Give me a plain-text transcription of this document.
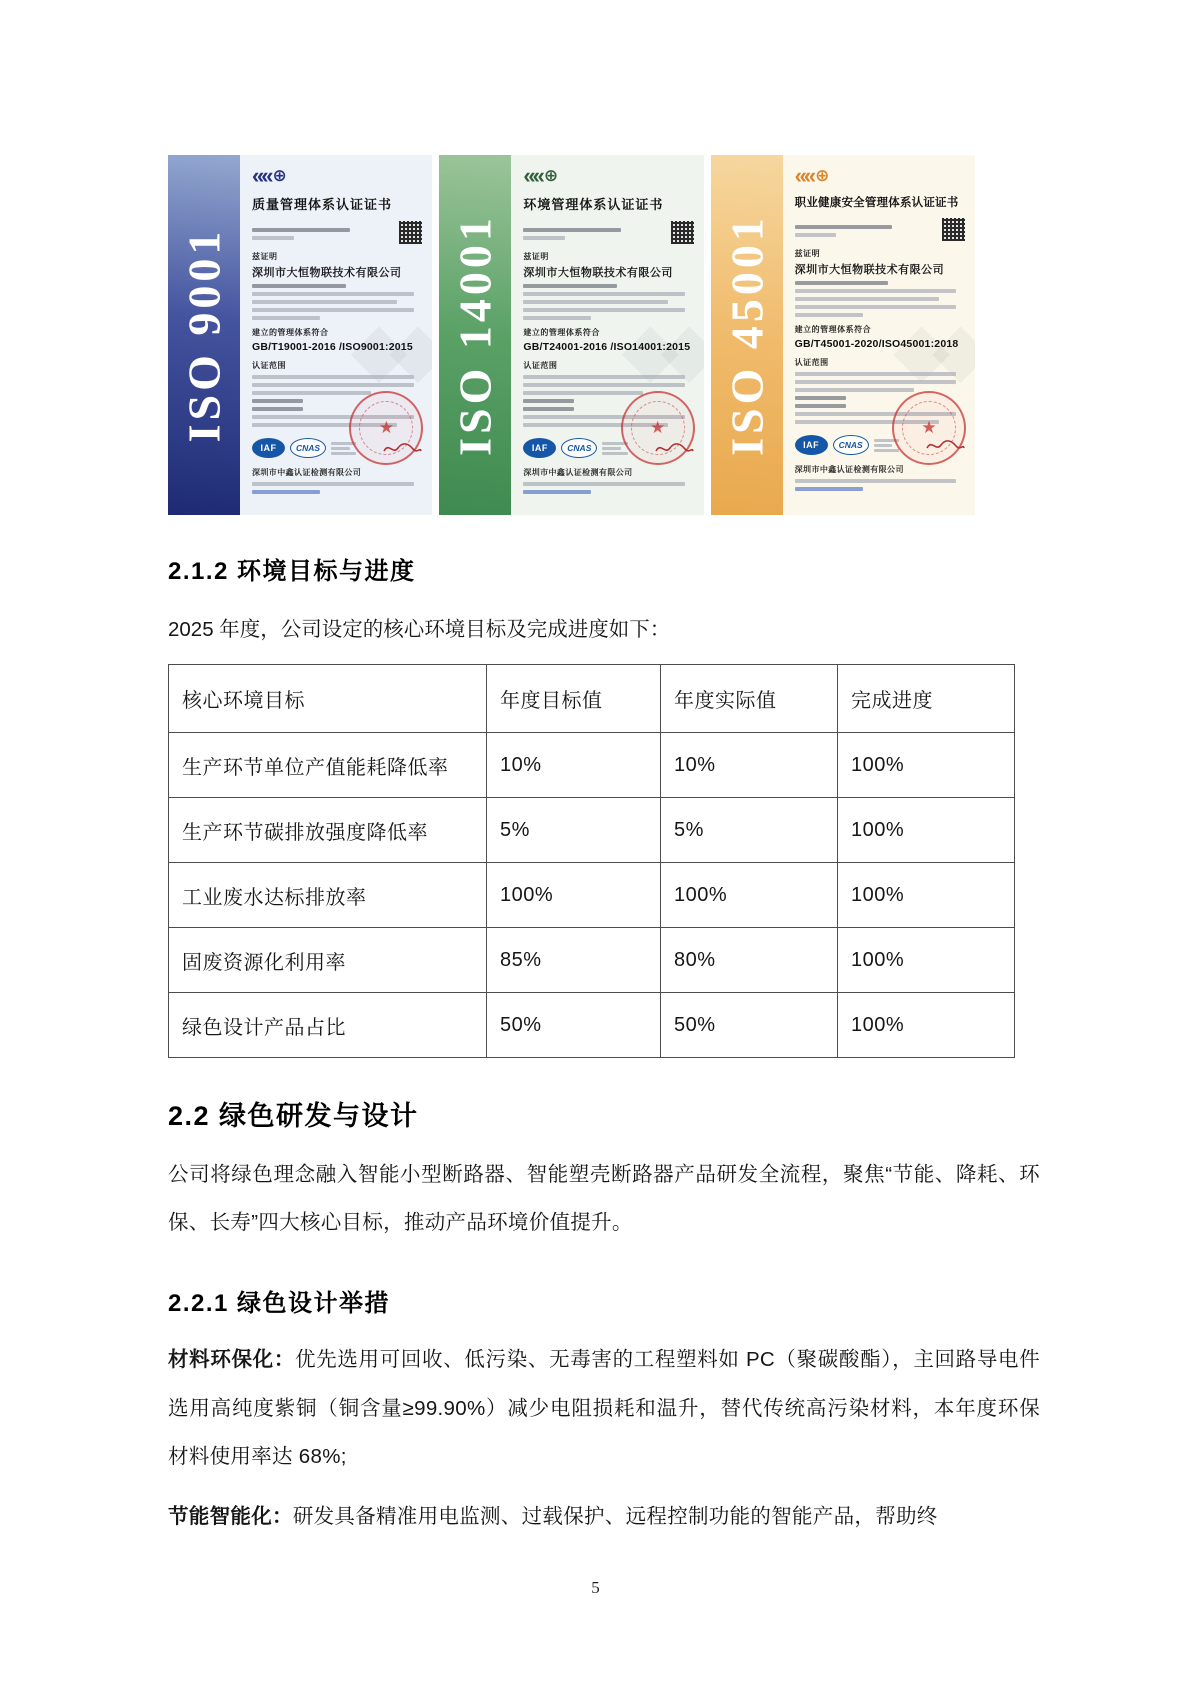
ISO 9001
◆◆
««
⊕
质量管理体系认证证书
兹证明
深圳市大恒物联技术有限公司
建立的管理体系符合
GB/T19001-2016 /ISO9001:2015
认证范围
IAF	CNAS
★
深圳市中鑫认证检测有限公司
ISO 14001
◆◆
««
⊕
环境管理体系认证证书
兹证明
深圳市大恒物联技术有限公司
建立的管理体系符合
GB/T24001-2016 /ISO14001:2015
认证范围
IAF	CNAS
★
深圳市中鑫认证检测有限公司
ISO 45001
◆◆
««
⊕
职业健康安全管理体系认证证书
兹证明
深圳市大恒物联技术有限公司
建立的管理体系符合
GB/T45001-2020/ISO45001:2018
认证范围
IAF	CNAS
★
深圳市中鑫认证检测有限公司
2.1.2 环境目标与进度

2025 年度，公司设定的核心环境目标及完成进度如下：

核心环境目标	年度目标值	年度实际值	完成进度
生产环节单位产值能耗降低率	10%	10%	100%
生产环节碳排放强度降低率	5%	5%	100%
工业废水达标排放率	100%	100%	100%
固废资源化利用率	85%	80%	100%
绿色设计产品占比	50%	50%	100%
2.2 绿色研发与设计

公司将绿色理念融入智能小型断路器、智能塑壳断路器产品研发全流程，聚焦“节能、降耗、环保、长寿”四大核心目标，推动产品环境价值提升。

2.2.1 绿色设计举措

材料环保化：优先选用可回收、低污染、无毒害的工程塑料如 PC（聚碳酸酯），主回路导电件选用高纯度紫铜（铜含量≥99.90%）减少电阻损耗和温升，替代传统高污染材料，本年度环保材料使用率达 68%;

节能智能化：研发具备精准用电监测、过载保护、远程控制功能的智能产品，帮助终

5
